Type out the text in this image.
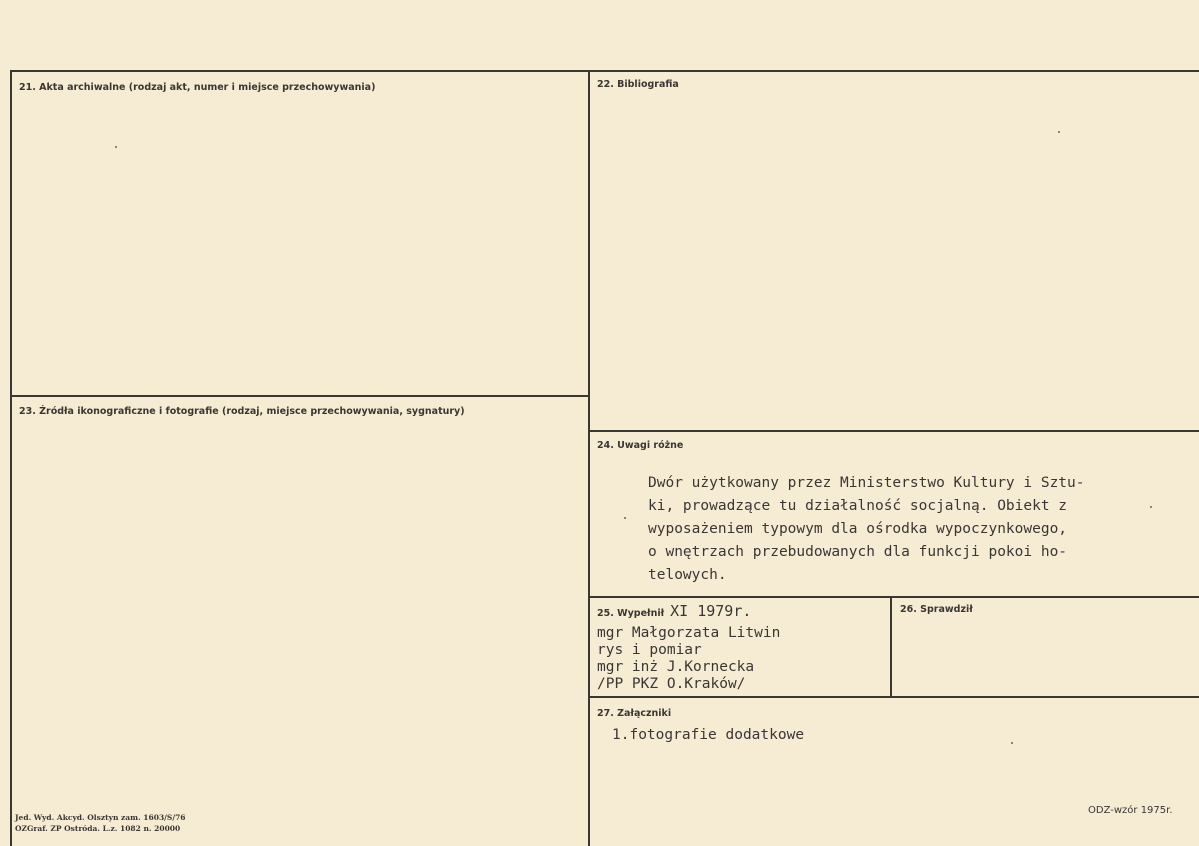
21. Akta archiwalne (rodzaj akt, numer i miejsce przechowywania)	22. Bibliografia
23. Źródła ikonograficzne i fotografie (rodzaj, miejsce przechowywania, sygnatury)
24. Uwagi różne
Dwór użytkowany przez Ministerstwo Kultury i Sztu-
ki, prowadzące tu działalność socjalną. Obiekt z
wyposażeniem typowym dla ośrodka wypoczynkowego,
o wnętrzach przebudowanych dla funkcji pokoi ho-
telowych.
25. Wypełnił XI 1979r.
mgr Małgorzata Litwin
rys i pomiar
mgr inż J.Kornecka
/PP PKZ O.Kraków/
26. Sprawdził
27. Załączniki
1.fotografie dodatkowe
Jed. Wyd. Akcyd. Olsztyn zam. 1603/S/76
OZGraf. ZP Ostróda. L.z. 1082 n. 20000
ODZ-wzór 1975r.
